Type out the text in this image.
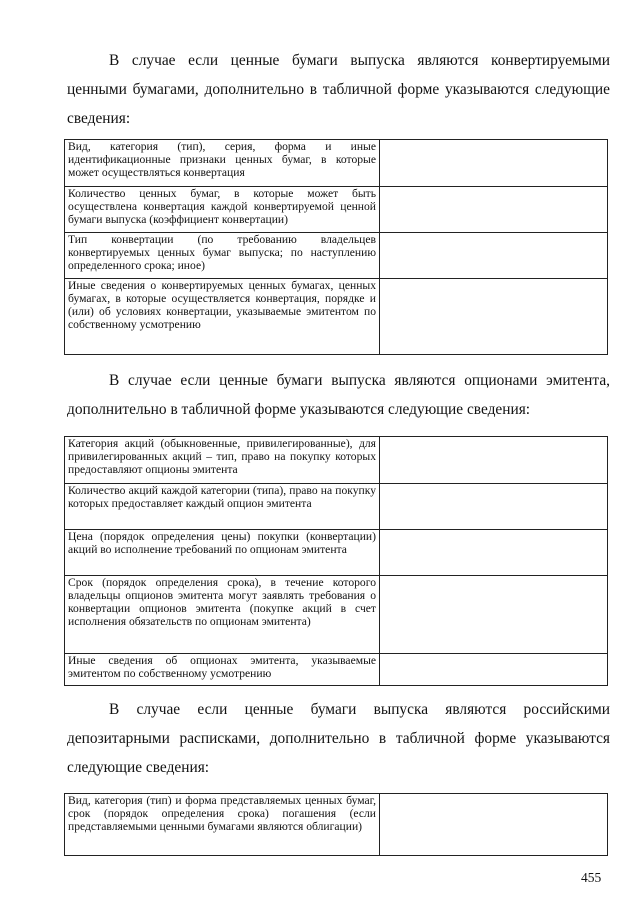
В случае если ценные бумаги выпуска являются конвертируемыми ценными бумагами, дополнительно в табличной форме указываются следующие сведения:

Вид, категория (тип), серия, форма и иные идентификационные признаки ценных бумаг, в которые может осуществляться конвертация	
Количество ценных бумаг, в которые может быть осуществлена конвертация каждой конвертируемой ценной бумаги выпуска (коэффициент конвертации)	
Тип конвертации (по требованию владельцев конвертируемых ценных бумаг выпуска; по наступлению определенного срока; иное)	
Иные сведения о конвертируемых ценных бумагах, ценных бумагах, в которые осуществляется конвертация, порядке и (или) об условиях конвертации, указываемые эмитентом по собственному усмотрению	

В случае если ценные бумаги выпуска являются опционами эмитента, дополнительно в табличной форме указываются следующие сведения:

Категория акций (обыкновенные, привилегированные), для привилегированных акций – тип, право на покупку которых предоставляют опционы эмитента	
Количество акций каждой категории (типа), право на покупку которых предоставляет каждый опцион эмитента	
Цена (порядок определения цены) покупки (конвертации) акций во исполнение требований по опционам эмитента	
Срок (порядок определения срока), в течение которого владельцы опционов эмитента могут заявлять требования о конвертации опционов эмитента (покупке акций в счет исполнения обязательств по опционам эмитента)	
Иные сведения об опционах эмитента, указываемые эмитентом по собственному усмотрению	

В случае если ценные бумаги выпуска являются российскими депозитарными расписками, дополнительно в табличной форме указываются следующие сведения:

Вид, категория (тип) и форма представляемых ценных бумаг, срок (порядок определения срока) погашения (если представляемыми ценными бумагами являются облигации)	
455
